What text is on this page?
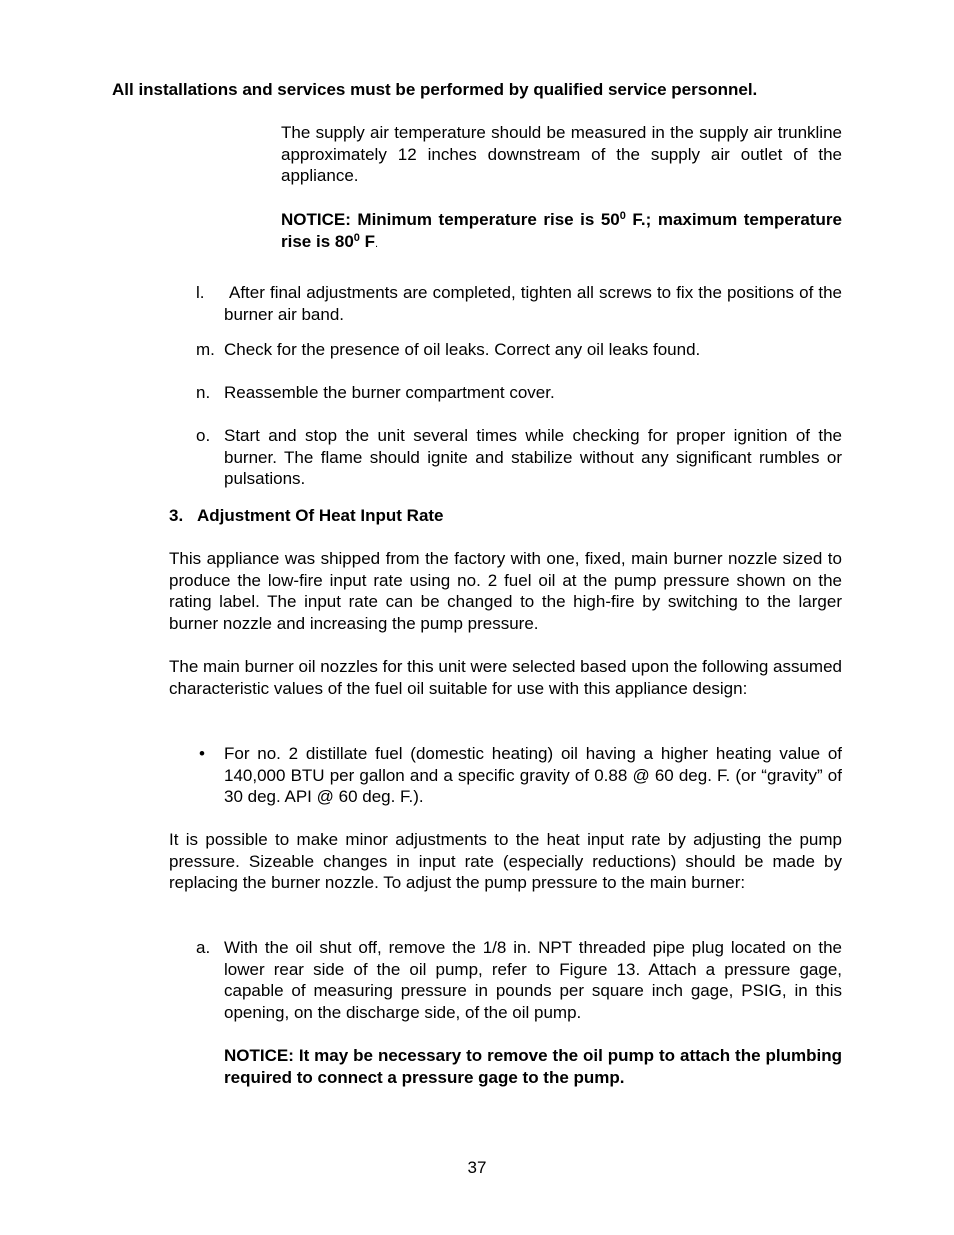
All installations and services must be performed by qualified service personnel.
The supply air temperature should be measured in the supply air trunkline approximately 12 inches downstream of the supply air outlet of the appliance.
NOTICE: Minimum temperature rise is $50^0$ F.; maximum temperature rise is $80^0$ F.
l. After final adjustments are completed, tighten all screws to fix the positions of the burner air band.
m. Check for the presence of oil leaks. Correct any oil leaks found.
n. Reassemble the burner compartment cover.
o. Start and stop the unit several times while checking for proper ignition of the burner. The flame should ignite and stabilize without any significant rumbles or pulsations.
3. Adjustment Of Heat Input Rate
This appliance was shipped from the factory with one, fixed, main burner nozzle sized to produce the low-fire input rate using no. 2 fuel oil at the pump pressure shown on the rating label. The input rate can be changed to the high-fire by switching to the larger burner nozzle and increasing the pump pressure.
The main burner oil nozzles for this unit were selected based upon the following assumed characteristic values of the fuel oil suitable for use with this appliance design:
• For no. 2 distillate fuel (domestic heating) oil having a higher heating value of 140,000 BTU per gallon and a specific gravity of 0.88 @ 60 deg. F. (or “gravity” of 30 deg. API @ 60 deg. F.).
It is possible to make minor adjustments to the heat input rate by adjusting the pump pressure. Sizeable changes in input rate (especially reductions) should be made by replacing the burner nozzle. To adjust the pump pressure to the main burner:
a. With the oil shut off, remove the 1/8 in. NPT threaded pipe plug located on the lower rear side of the oil pump, refer to Figure 13. Attach a pressure gage, capable of measuring pressure in pounds per square inch gage, PSIG, in this opening, on the discharge side, of the oil pump.
NOTICE: It may be necessary to remove the oil pump to attach the plumbing required to connect a pressure gage to the pump.
37
